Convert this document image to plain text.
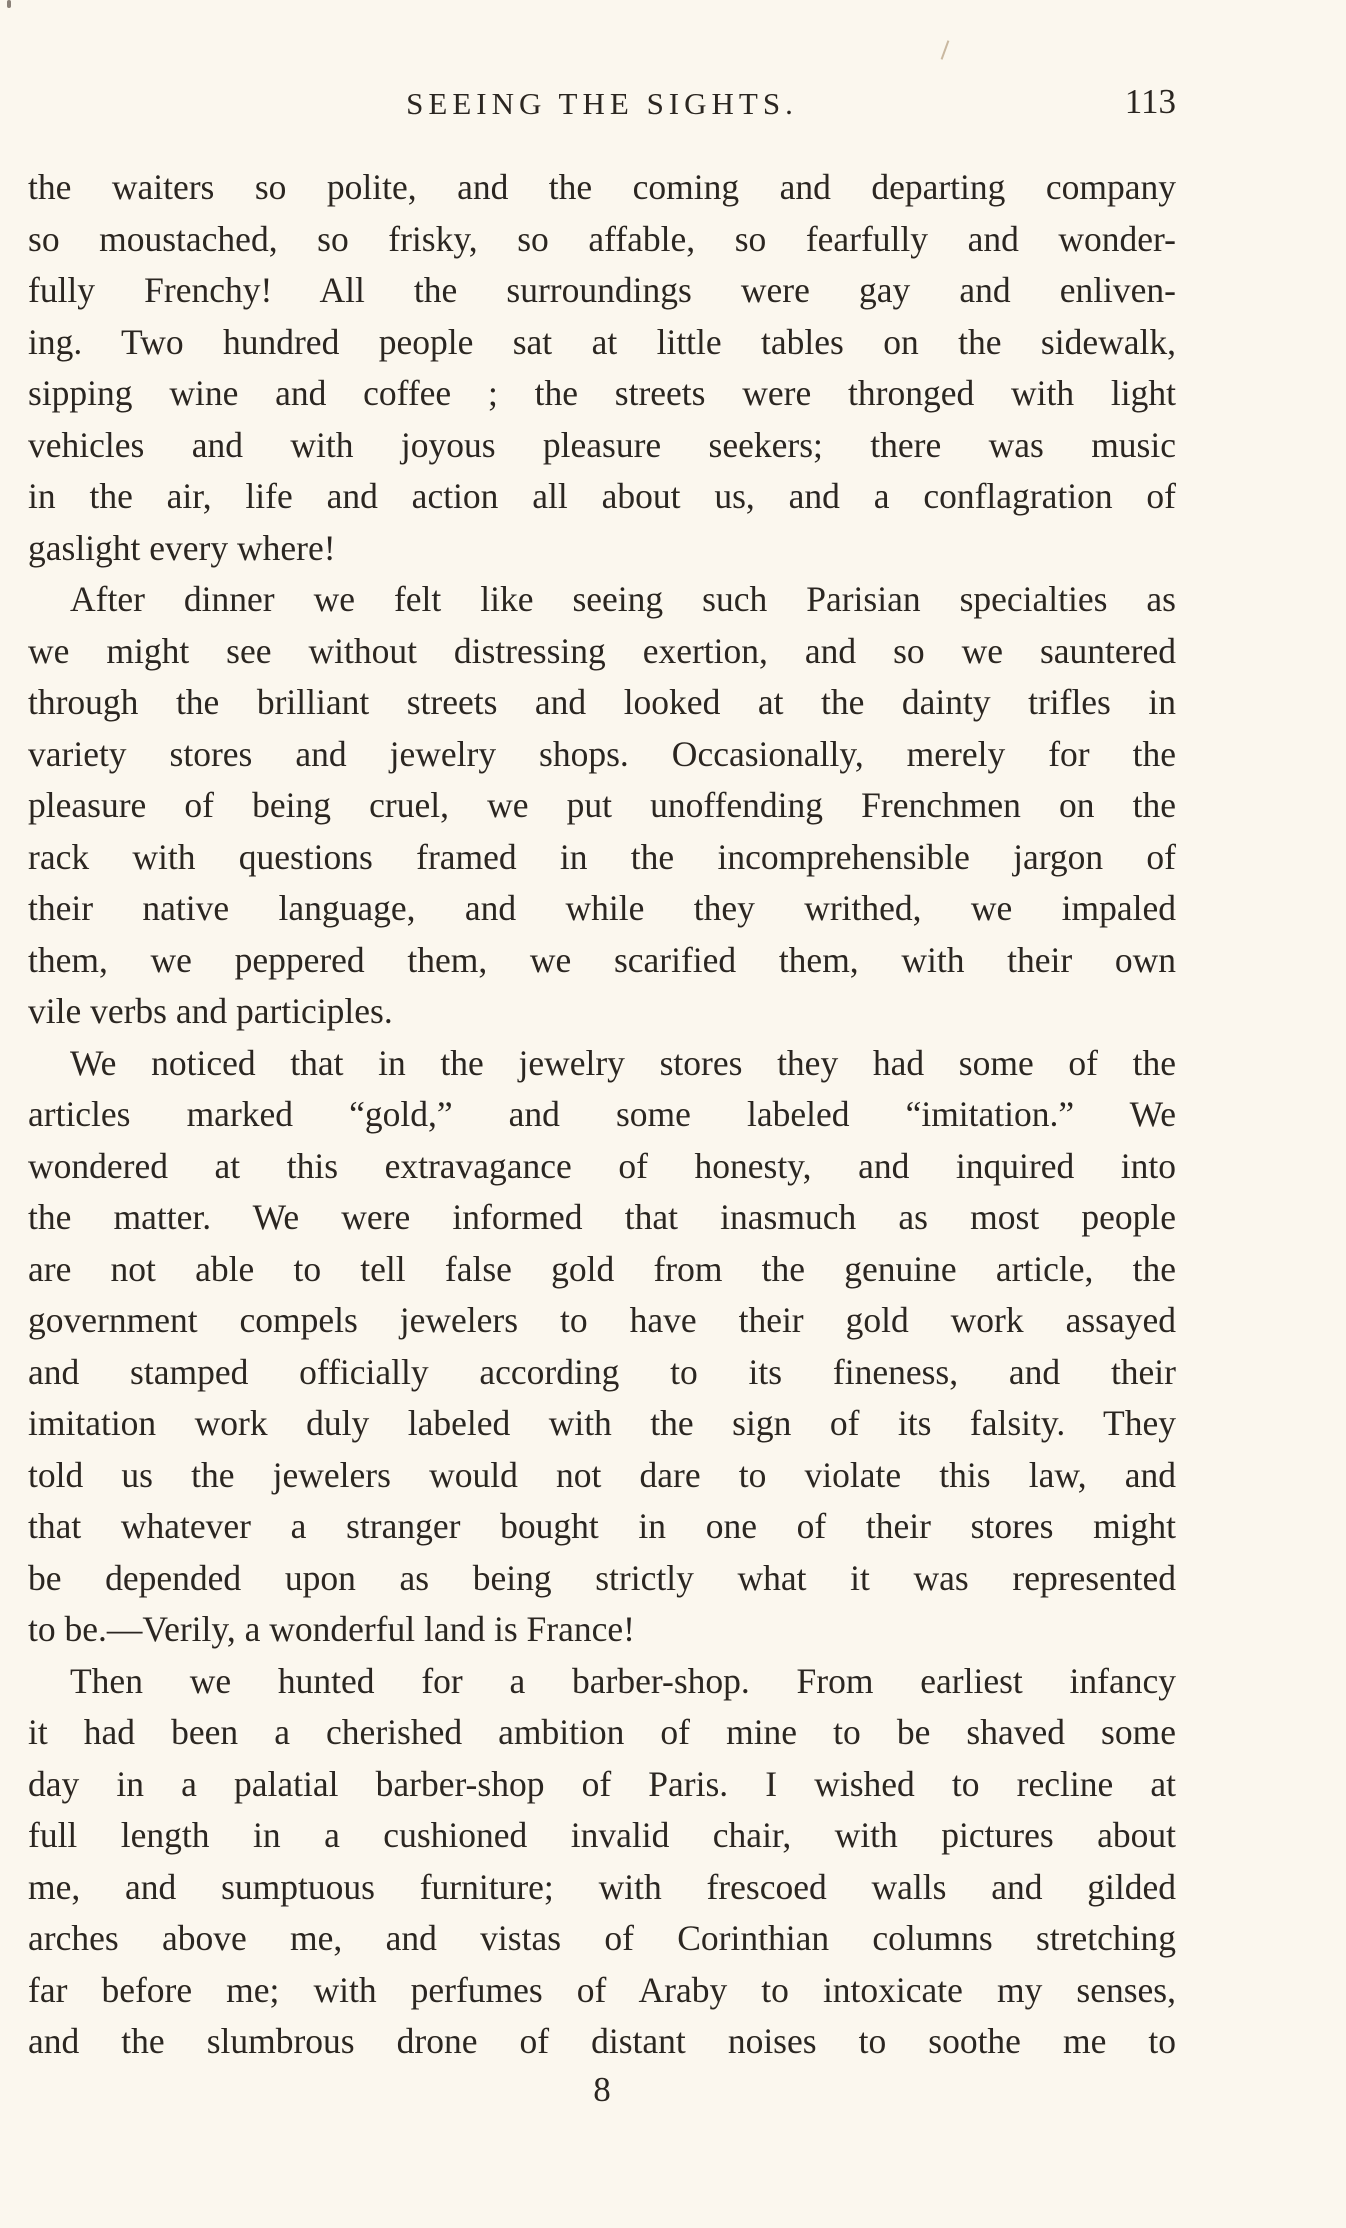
SEEING THE SIGHTS.	113
the waiters so polite, and the coming and departing company
so moustached, so frisky, so affable, so fearfully and wonder-
fully Frenchy! All the surroundings were gay and enliven-
ing. Two hundred people sat at little tables on the sidewalk,
sipping wine and coffee ; the streets were thronged with light
vehicles and with joyous pleasure seekers; there was music
in the air, life and action all about us, and a conflagration of
gaslight every where!
After dinner we felt like seeing such Parisian specialties as
we might see without distressing exertion, and so we sauntered
through the brilliant streets and looked at the dainty trifles in
variety stores and jewelry shops. Occasionally, merely for the
pleasure of being cruel, we put unoffending Frenchmen on the
rack with questions framed in the incomprehensible jargon of
their native language, and while they writhed, we impaled
them, we peppered them, we scarified them, with their own
vile verbs and participles.
We noticed that in the jewelry stores they had some of the
articles marked “gold,” and some labeled “imitation.” We
wondered at this extravagance of honesty, and inquired into
the matter. We were informed that inasmuch as most people
are not able to tell false gold from the genuine article, the
government compels jewelers to have their gold work assayed
and stamped officially according to its fineness, and their
imitation work duly labeled with the sign of its falsity. They
told us the jewelers would not dare to violate this law, and
that whatever a stranger bought in one of their stores might
be depended upon as being strictly what it was represented
to be.—Verily, a wonderful land is France!
Then we hunted for a barber-shop. From earliest infancy
it had been a cherished ambition of mine to be shaved some
day in a palatial barber-shop of Paris. I wished to recline at
full length in a cushioned invalid chair, with pictures about
me, and sumptuous furniture; with frescoed walls and gilded
arches above me, and vistas of Corinthian columns stretching
far before me; with perfumes of Araby to intoxicate my senses,
and the slumbrous drone of distant noises to soothe me to
8
